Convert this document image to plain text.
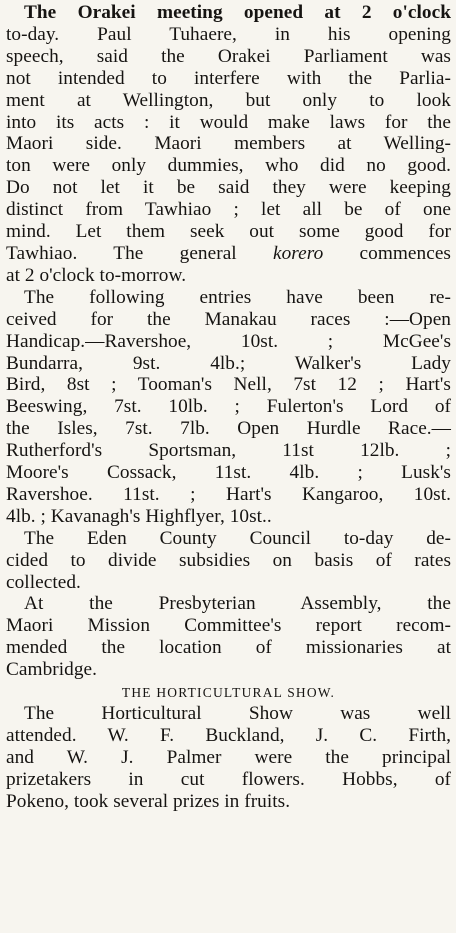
The Orakei meeting opened at 2 o'clock
to-day. Paul Tuhaere, in his opening
speech, said the Orakei Parliament was
not intended to interfere with the Parlia-
ment at Wellington, but only to look
into its acts : it would make laws for the
Maori side. Maori members at Welling-
ton were only dummies, who did no good.
Do not let it be said they were keeping
distinct from Tawhiao ; let all be of one
mind. Let them seek out some good for
Tawhiao. The general korero commences
at 2 o'clock to-morrow.

The following entries have been re-
ceived for the Manakau races :—Open
Handicap.—Ravershoe, 10st. ; McGee's
Bundarra, 9st. 4lb.; Walker's Lady
Bird, 8st ; Tooman's Nell, 7st 12 ; Hart's
Beeswing, 7st. 10lb. ; Fulerton's Lord of
the Isles, 7st. 7lb. Open Hurdle Race.—
Rutherford's Sportsman, 11st 12lb. ;
Moore's Cossack, 11st. 4lb. ; Lusk's
Ravershoe. 11st. ; Hart's Kangaroo, 10st.
4lb. ; Kavanagh's Highflyer, 10st..

The Eden County Council to-day de-
cided to divide subsidies on basis of rates
collected.

At the Presbyterian Assembly, the
Maori Mission Committee's report recom-
mended the location of missionaries at
Cambridge.

THE HORTICULTURAL SHOW.

The Horticultural Show was well
attended. W. F. Buckland, J. C. Firth,
and W. J. Palmer were the principal
prizetakers in cut flowers. Hobbs, of
Pokeno, took several prizes in fruits.
